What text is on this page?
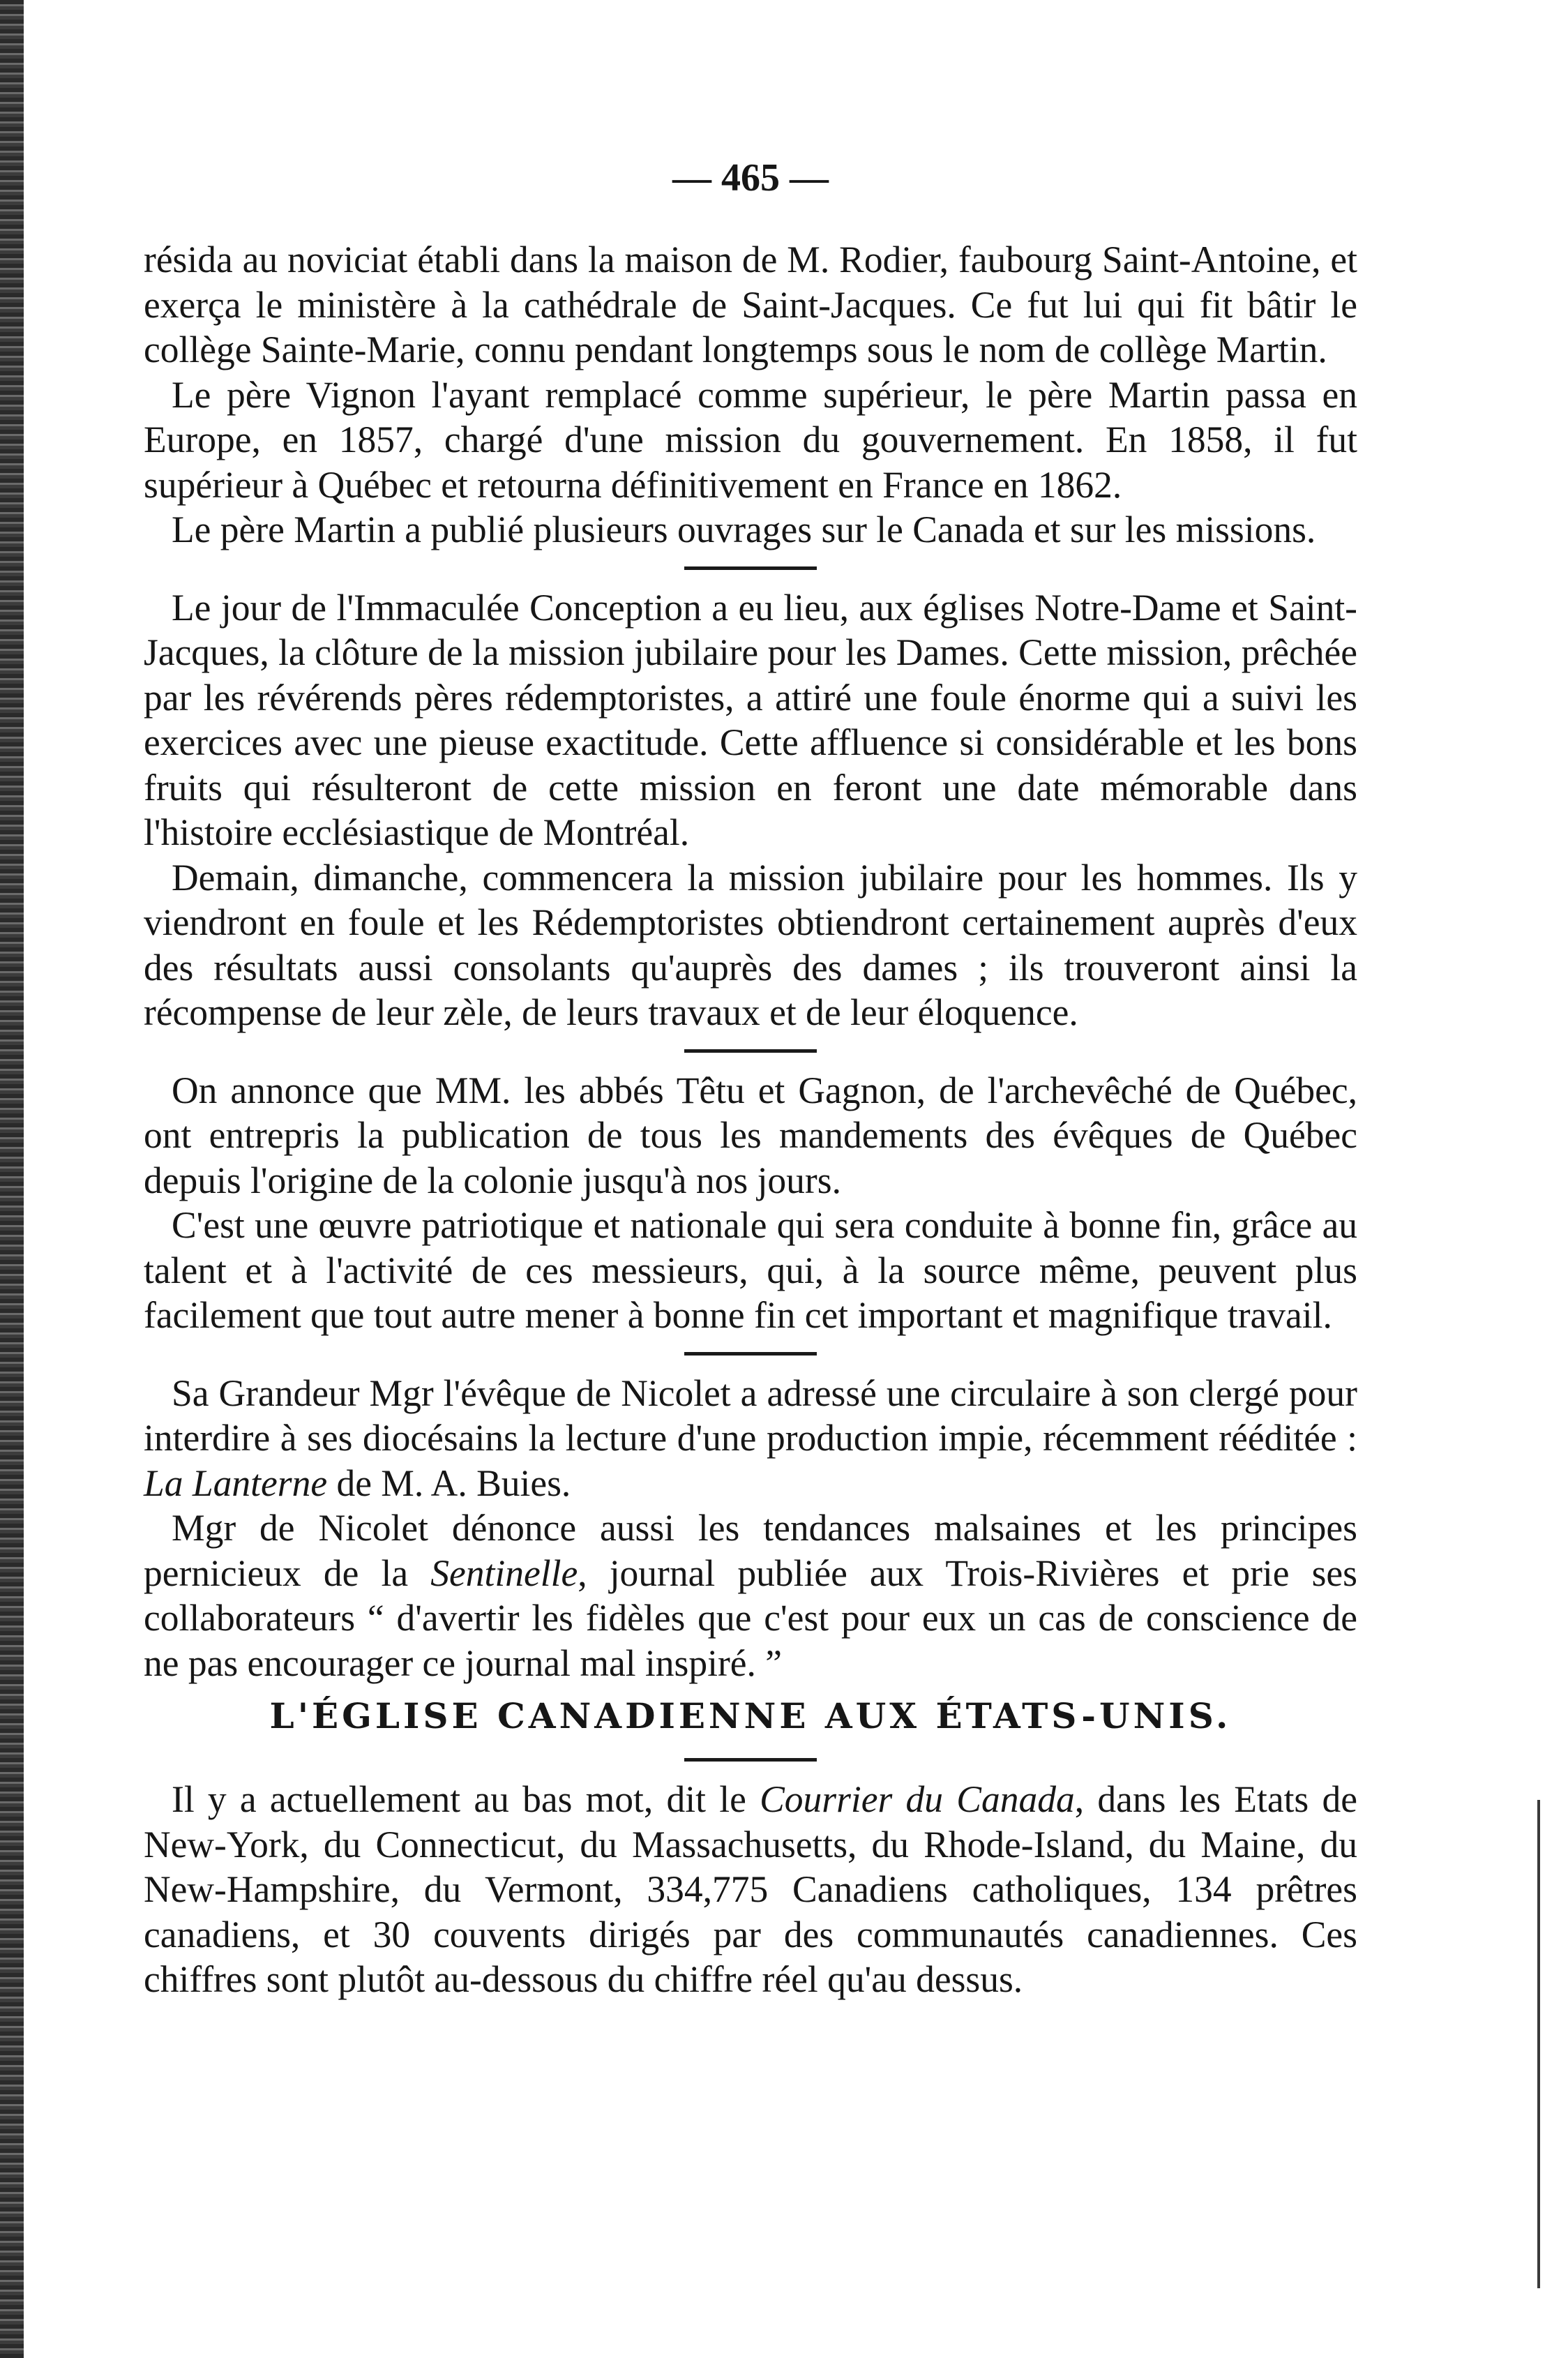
— 465 —

résida au noviciat établi dans la maison de M. Rodier, faubourg Saint-Antoine, et exerça le ministère à la cathédrale de Saint-Jacques. Ce fut lui qui fit bâtir le collège Sainte-Marie, connu pendant longtemps sous le nom de collège Martin.

Le père Vignon l'ayant remplacé comme supérieur, le père Martin passa en Europe, en 1857, chargé d'une mission du gouvernement. En 1858, il fut supérieur à Québec et retourna définitivement en France en 1862.

Le père Martin a publié plusieurs ouvrages sur le Canada et sur les missions.

Le jour de l'Immaculée Conception a eu lieu, aux églises Notre-Dame et Saint-Jacques, la clôture de la mission jubilaire pour les Dames. Cette mission, prêchée par les révérends pères rédemptoristes, a attiré une foule énorme qui a suivi les exercices avec une pieuse exactitude. Cette affluence si considérable et les bons fruits qui résulteront de cette mission en feront une date mémorable dans l'histoire ecclésiastique de Montréal.

Demain, dimanche, commencera la mission jubilaire pour les hommes. Ils y viendront en foule et les Rédemptoristes obtiendront certainement auprès d'eux des résultats aussi consolants qu'auprès des dames ; ils trouveront ainsi la récompense de leur zèle, de leurs travaux et de leur éloquence.

On annonce que MM. les abbés Têtu et Gagnon, de l'archevêché de Québec, ont entrepris la publication de tous les mandements des évêques de Québec depuis l'origine de la colonie jusqu'à nos jours.

C'est une œuvre patriotique et nationale qui sera conduite à bonne fin, grâce au talent et à l'activité de ces messieurs, qui, à la source même, peuvent plus facilement que tout autre mener à bonne fin cet important et magnifique travail.

Sa Grandeur Mgr l'évêque de Nicolet a adressé une circulaire à son clergé pour interdire à ses diocésains la lecture d'une production impie, récemment rééditée : La Lanterne de M. A. Buies.

Mgr de Nicolet dénonce aussi les tendances malsaines et les principes pernicieux de la Sentinelle, journal publiée aux Trois-Rivières et prie ses collaborateurs “ d'avertir les fidèles que c'est pour eux un cas de conscience de ne pas encourager ce journal mal inspiré. ”

L'ÉGLISE CANADIENNE AUX ÉTATS-UNIS.

Il y a actuellement au bas mot, dit le Courrier du Canada, dans les Etats de New-York, du Connecticut, du Massachusetts, du Rhode-Island, du Maine, du New-Hampshire, du Vermont, 334,775 Canadiens catholiques, 134 prêtres canadiens, et 30 couvents dirigés par des communautés canadiennes. Ces chiffres sont plutôt au-dessous du chiffre réel qu'au dessus.
